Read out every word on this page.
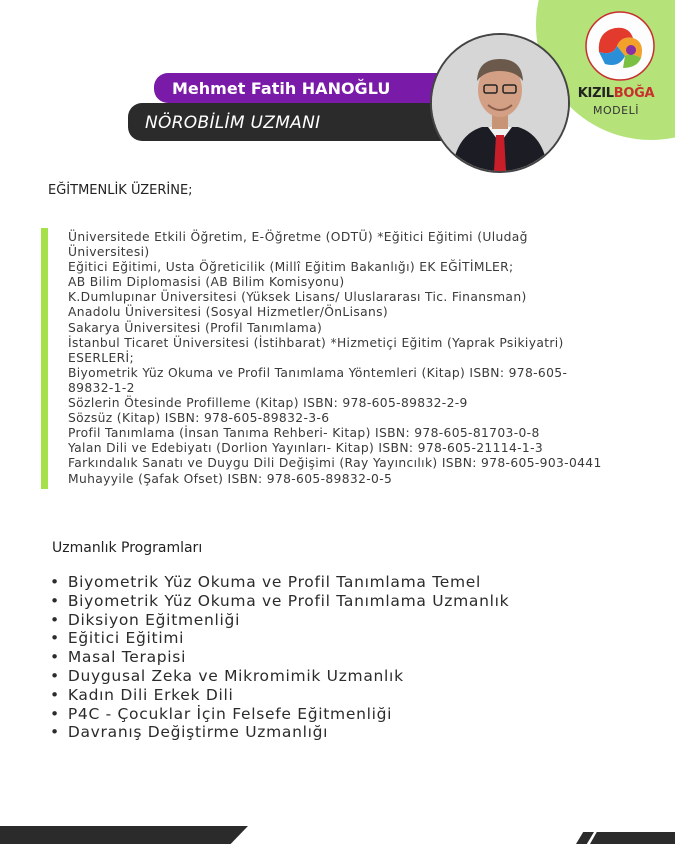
KIZILBOĞA
MODELİ
Mehmet Fatih HANOĞLU
NÖROBİLİM UZMANI
EĞİTMENLİK ÜZERİNE;
Üniversitede Etkili Öğretim, E-Öğretme (ODTÜ) *Eğitici Eğitimi (Uludağ
Üniversitesi)
Eğitici Eğitimi, Usta Öğreticilik (Millî Eğitim Bakanlığı) EK EĞİTİMLER;
AB Bilim Diplomasisi (AB Bilim Komisyonu)
K.Dumlupınar Üniversitesi (Yüksek Lisans/ Uluslararası Tic. Finansman)
Anadolu Üniversitesi (Sosyal Hizmetler/ÖnLisans)
Sakarya Üniversitesi (Profil Tanımlama)
İstanbul Ticaret Üniversitesi (İstihbarat) *Hizmetiçi Eğitim (Yaprak Psikiyatri)
ESERLERİ;
Biyometrik Yüz Okuma ve Profil Tanımlama Yöntemleri (Kitap) ISBN: 978-605-
89832-1-2
Sözlerin Ötesinde Profilleme (Kitap) ISBN: 978-605-89832-2-9
Sözsüz (Kitap) ISBN: 978-605-89832-3-6
Profil Tanımlama (İnsan Tanıma Rehberi- Kitap) ISBN: 978-605-81703-0-8
Yalan Dili ve Edebiyatı (Dorlion Yayınları- Kitap) ISBN: 978-605-21114-1-3
Farkındalık Sanatı ve Duygu Dili Değişimi (Ray Yayıncılık) ISBN: 978-605-903-0441
Muhayyile (Şafak Ofset) ISBN: 978-605-89832-0-5
Uzmanlık Programları
• Biyometrik Yüz Okuma ve Profil Tanımlama Temel
• Biyometrik Yüz Okuma ve Profil Tanımlama Uzmanlık
• Diksiyon Eğitmenliği
• Eğitici Eğitimi
• Masal Terapisi
• Duygusal Zeka ve Mikromimik Uzmanlık
• Kadın Dili Erkek Dili
• P4C - Çocuklar İçin Felsefe Eğitmenliği
• Davranış Değiştirme Uzmanlığı
